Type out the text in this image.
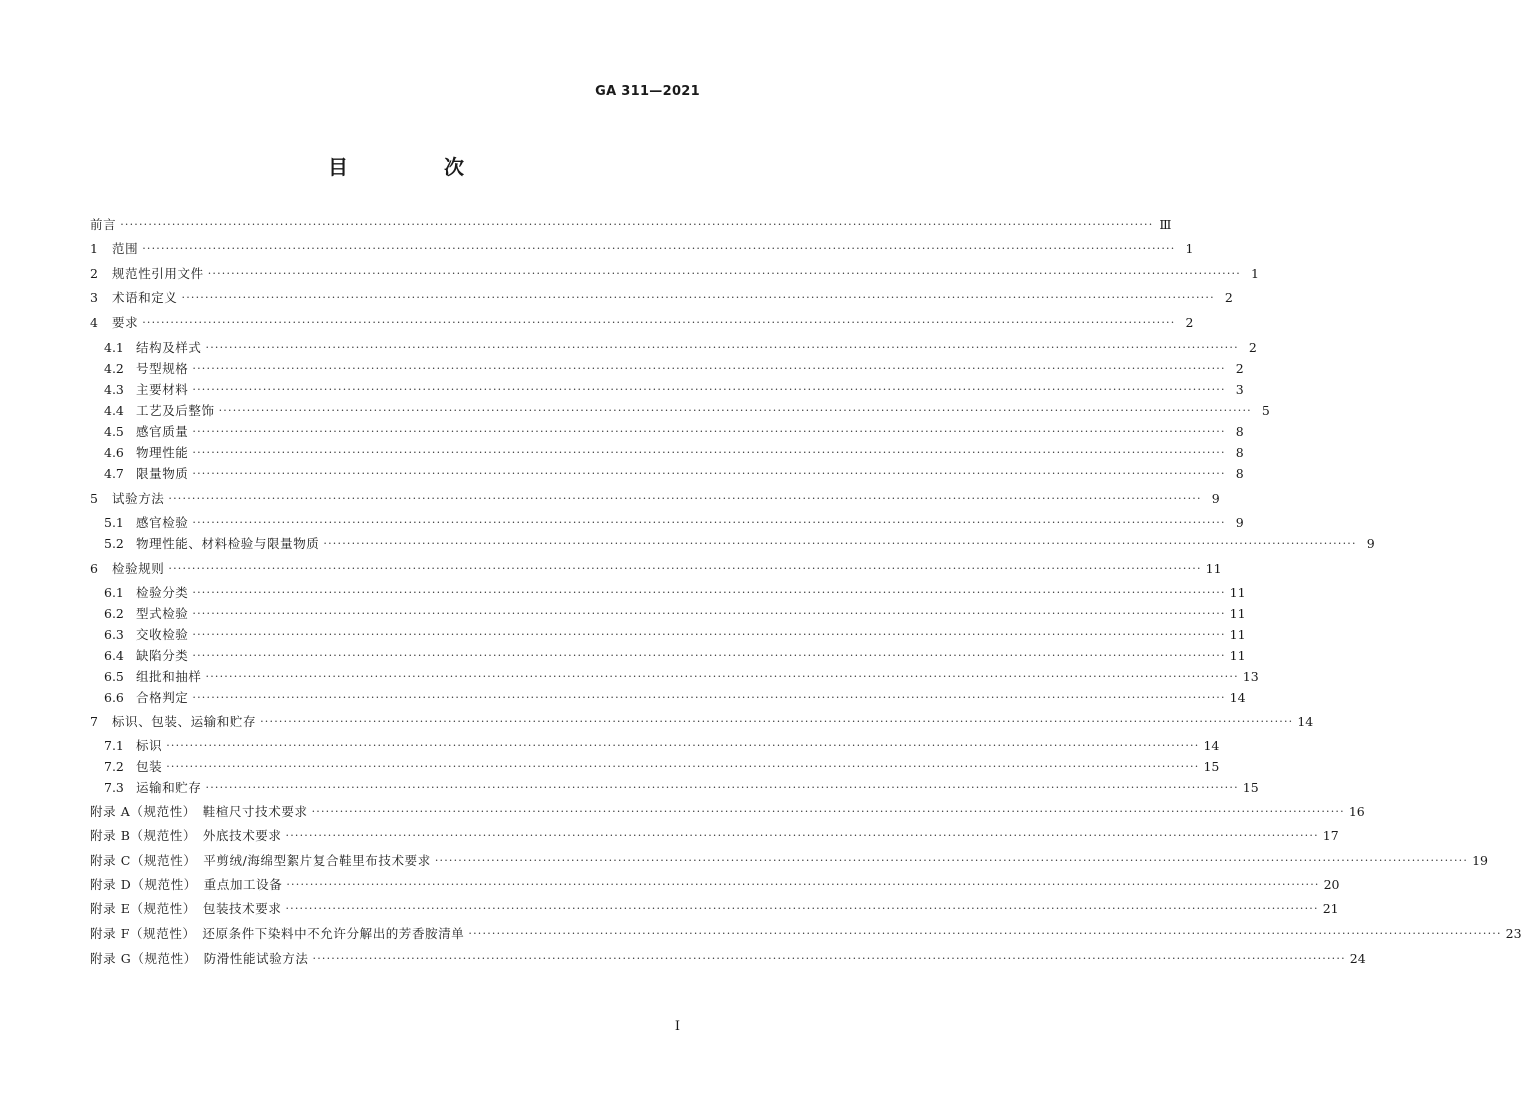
GA 311—2021
目　次
前言 ···························································································································································································································· Ⅲ
1	范围 ···························································································································································································································· 1
2	规范性引用文件 ···························································································································································································································· 1
3	术语和定义 ···························································································································································································································· 2
4	要求 ···························································································································································································································· 2
4.1 结构及样式 ···························································································································································································································· 2
4.2 号型规格 ···························································································································································································································· 2
4.3 主要材料 ···························································································································································································································· 3
4.4 工艺及后整饰 ···························································································································································································································· 5
4.5 感官质量 ···························································································································································································································· 8
4.6 物理性能 ···························································································································································································································· 8
4.7 限量物质 ···························································································································································································································· 8
5	试验方法 ···························································································································································································································· 9
5.1 感官检验 ···························································································································································································································· 9
5.2 物理性能、材料检验与限量物质 ···························································································································································································································· 9
6	检验规则 ···························································································································································································································· 11
6.1 检验分类 ···························································································································································································································· 11
6.2 型式检验 ···························································································································································································································· 11
6.3 交收检验 ···························································································································································································································· 11
6.4 缺陷分类 ···························································································································································································································· 11
6.5 组批和抽样 ···························································································································································································································· 13
6.6 合格判定 ···························································································································································································································· 14
7	标识、包装、运输和贮存 ···························································································································································································································· 14
7.1 标识 ···························································································································································································································· 14
7.2 包装 ···························································································································································································································· 15
7.3 运输和贮存 ···························································································································································································································· 15
附录 A（规范性）　鞋楦尺寸技术要求 ···························································································································································································································· 16
附录 B（规范性）　外底技术要求 ···························································································································································································································· 17
附录 C（规范性）　平剪绒/海绵型絮片复合鞋里布技术要求 ···························································································································································································································· 19
附录 D（规范性）　重点加工设备 ···························································································································································································································· 20
附录 E（规范性）　包装技术要求 ···························································································································································································································· 21
附录 F（规范性）　还原条件下染料中不允许分解出的芳香胺清单 ···························································································································································································································· 23
附录 G（规范性）　防滑性能试验方法 ···························································································································································································································· 24
Ⅰ
